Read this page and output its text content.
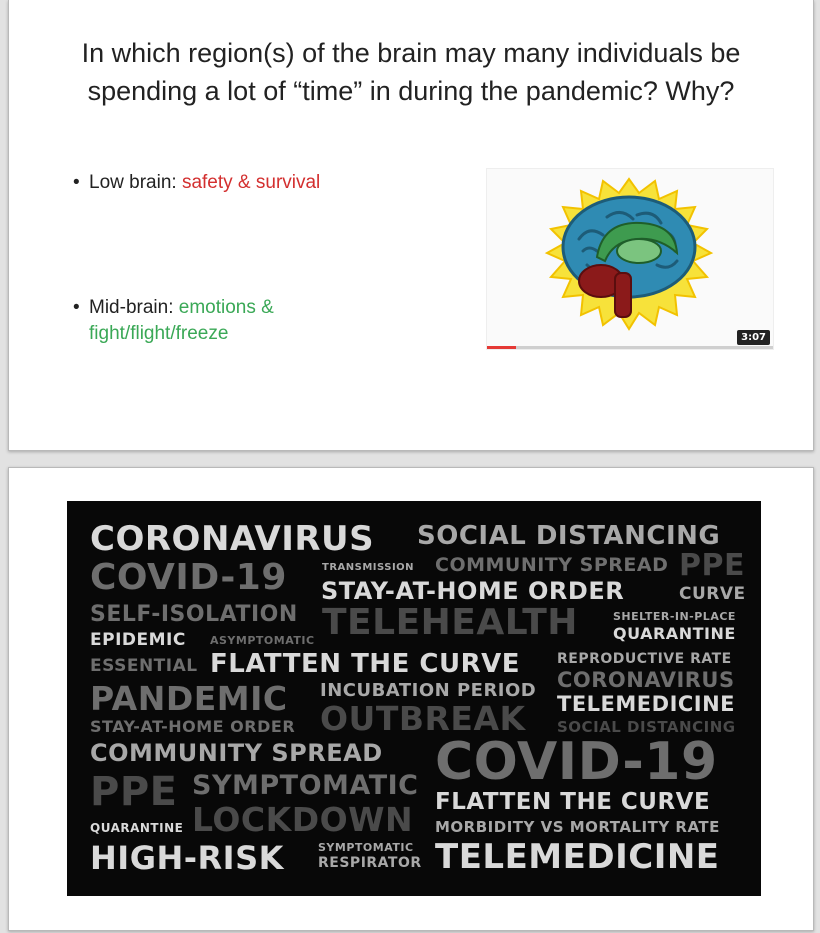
In which region(s) of the brain may many individuals be spending a lot of “time” in during the pandemic? Why?
• Low brain: safety & survival
• Mid-brain: emotions & fight/flight/freeze	3:07
CORONAVIRUS SOCIAL DISTANCING
COVID-19	TRANSMISSION COMMUNITY SPREAD PPE
STAY-AT-HOME ORDER	CURVE
SELF-ISOLATION TELEHEALTH	SHELTER-IN-PLACE
EPIDEMIC ASYMPTOMATIC	QUARANTINE
ESSENTIAL FLATTEN THE CURVE	REPRODUCTIVE RATE
PANDEMIC INCUBATION PERIOD CORONAVIRUS
TELEMEDICINE
STAY-AT-HOME ORDER OUTBREAK SOCIAL DISTANCING
COMMUNITY SPREAD COVID-19
PPE SYMPTOMATIC
LOCKDOWN FLATTEN THE CURVE
QUARANTINE	MORBIDITY VS MORTALITY RATE
HIGH-RISK	SYMPTOMATIC
RESPIRATOR TELEMEDICINE
